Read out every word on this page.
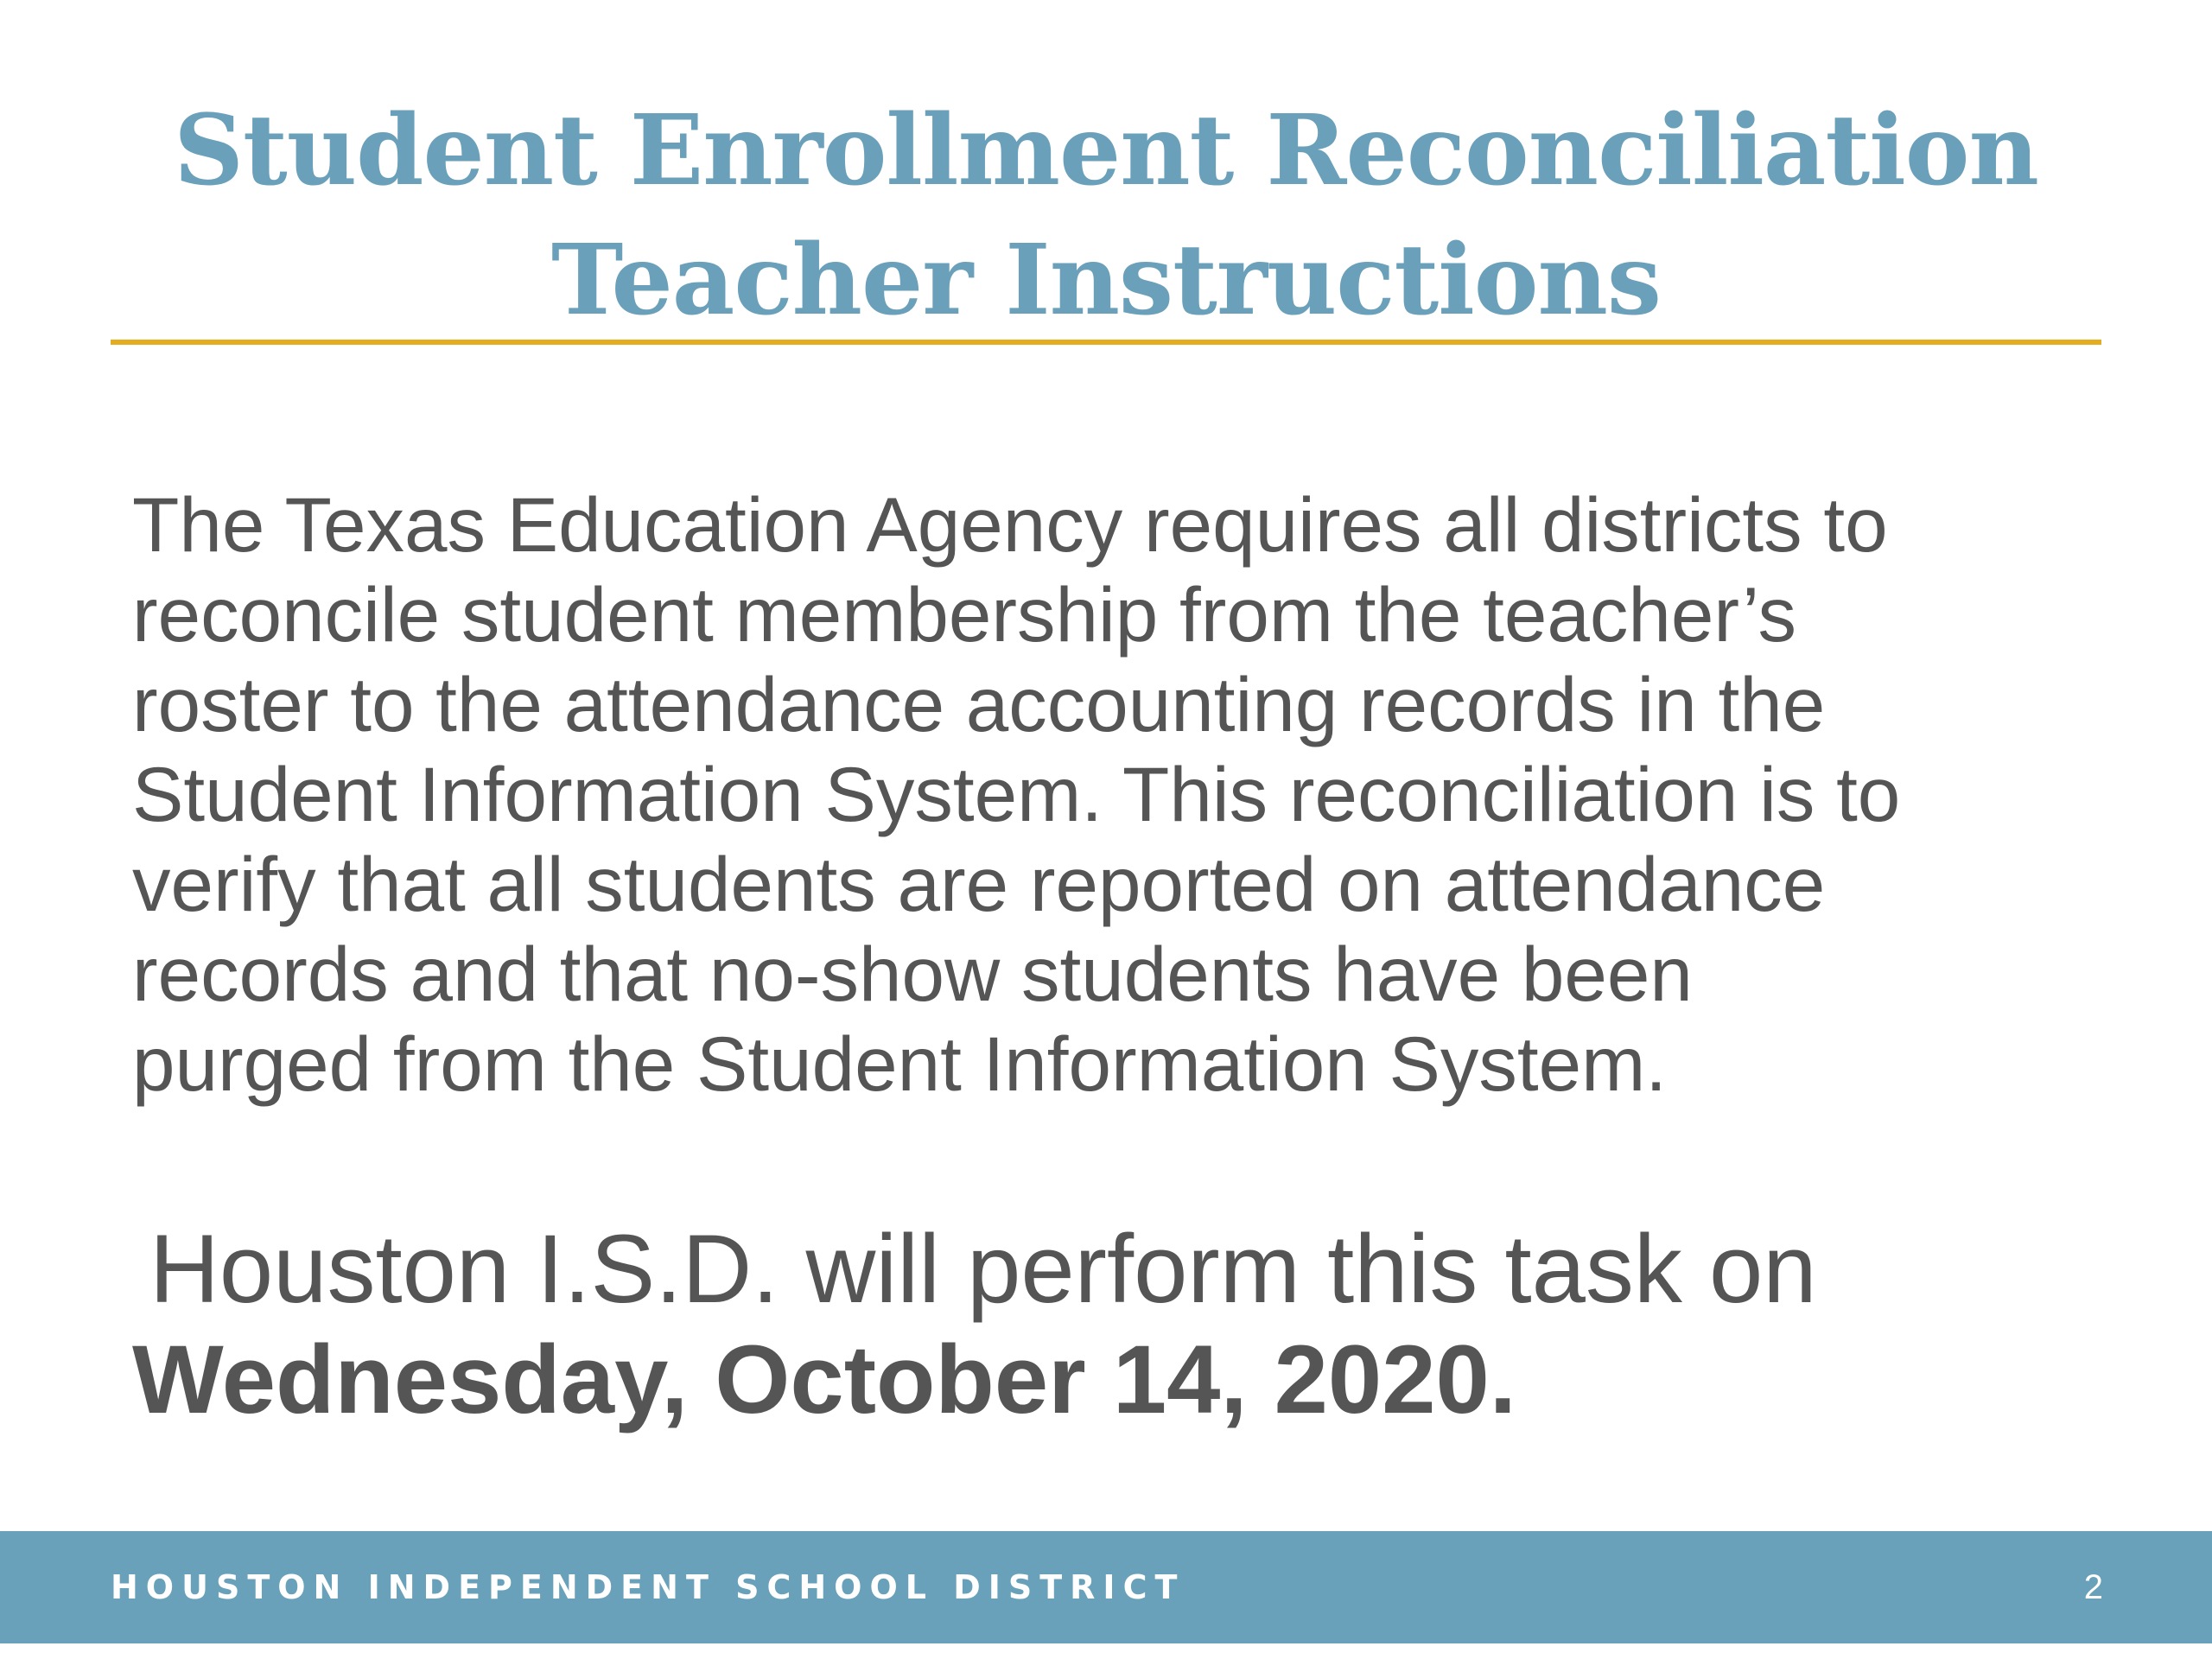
Student Enrollment Reconciliation
Teacher Instructions
The Texas Education Agency requires all districts to
reconcile student membership from the teacher’s
roster to the attendance accounting records in the
Student Information System. This reconciliation is to
verify that all students are reported on attendance
records and that no-show students have been
purged from the Student Information System.
Houston I.S.D. will perform this task on
Wednesday, October 14, 2020.
HOUSTON INDEPENDENT SCHOOL DISTRICT	2
